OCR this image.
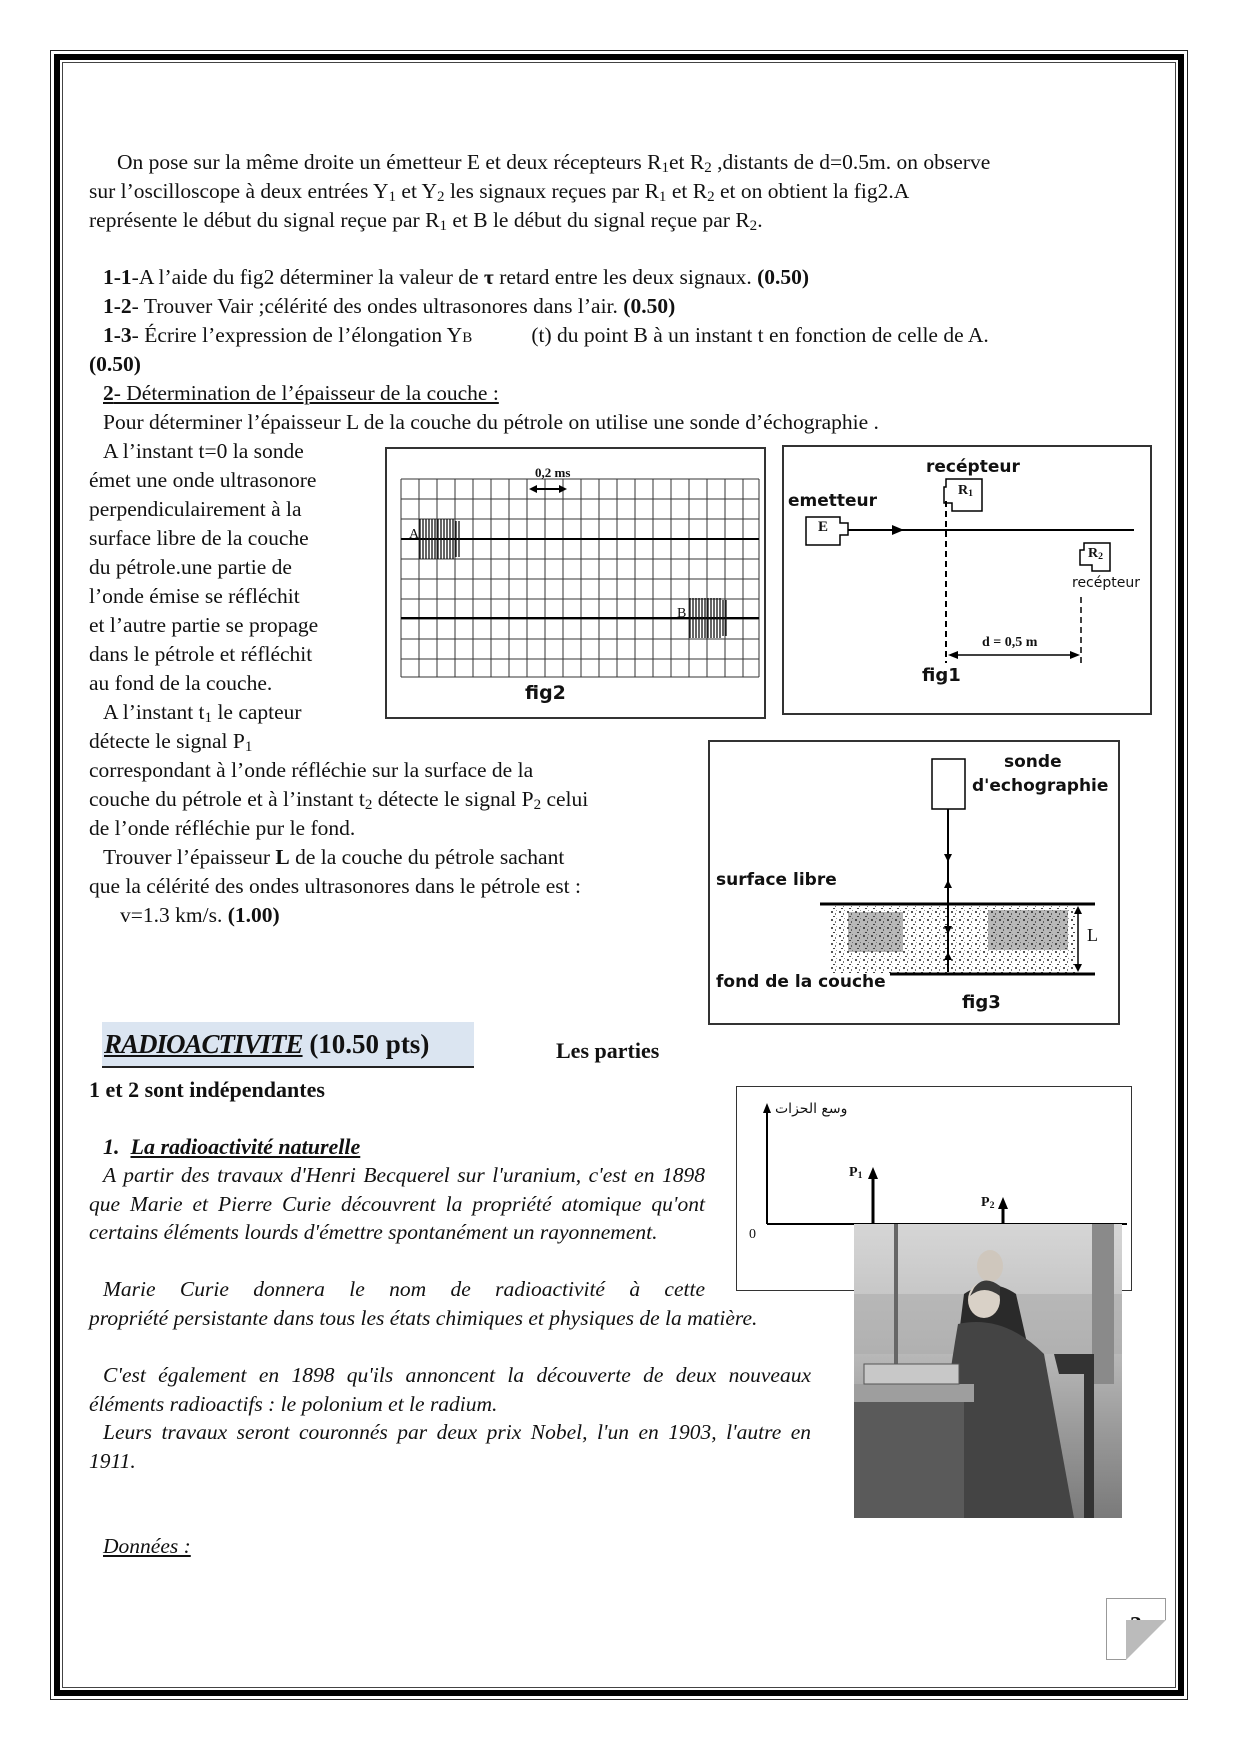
On pose sur la même droite un émetteur E et deux récepteurs $R_1et$ $R_2$ ,distants de d=0.5m. on observe
sur l’oscilloscope à deux entrées $Y_1$ et $Y_2$ les signaux reçues par $R_1$ et $R_2$ et on obtient la fig2.A
représente le début du signal reçue par $R_1$ et B le début du signal reçue par $R_2$.
1-1-A l’aide du fig2 déterminer la valeur de τ retard entre les deux signaux. (0.50)
1-2- Trouver Vair ;célérité des ondes ultrasonores dans l’air. (0.50)
1-3- Écrire l’expression de l’élongation YB           (t) du point B à un instant t en fonction de celle de A.
(0.50)
2- Détermination de l’épaisseur de la couche :
Pour déterminer l’épaisseur L de la couche du pétrole on utilise une sonde d’échographie .
A l’instant t=0 la sonde
émet une onde ultrasonore
perpendiculairement à la
surface libre de la couche
du pétrole.une partie de
l’onde émise se réfléchit
et l’autre partie se propage
dans le pétrole et réfléchit
au fond de la couche.
A l’instant $t_1$ le capteur
détecte le signal $P_1$
correspondant à l’onde réfléchie sur la surface de la
couche du pétrole et à l’instant $t_2$ détecte le signal $P_2$ celui
de l’onde réfléchie pur le fond.
Trouver l’épaisseur L de la couche du pétrole sachant
que la célérité des ondes ultrasonores dans le pétrole est :
v=1.3 km/s. (1.00)
0,2 ms
A
B
fig2
emetteur
E
recépteur
$R_1$
$R_2$
recépteur
d = 0,5 m
fig1
sonde
d'echographie
surface libre
fond de la couche
L
fig3
RADIOACTIVITE (10.50 pts)	Les parties
1 et 2 sont indépendantes
1. La radioactivité naturelle
A partir des travaux d'Henri Becquerel sur l'uranium, c'est en 1898 que Marie et Pierre Curie découvrent la propriété atomique qu'ont certains éléments lourds d'émettre spontanément un rayonnement.
Marie Curie donnera le nom de radioactivité à cette
propriété persistante dans tous les états chimiques et physiques de la matière.
C'est également en 1898 qu'ils annoncent la découverte de deux nouveaux éléments radioactifs : le polonium et le radium.
Leurs travaux seront couronnés par deux prix Nobel, l'un en 1903, l'autre en 1911.
Données :
وسع الحزات
0
$P_1$
$P_2$
3
